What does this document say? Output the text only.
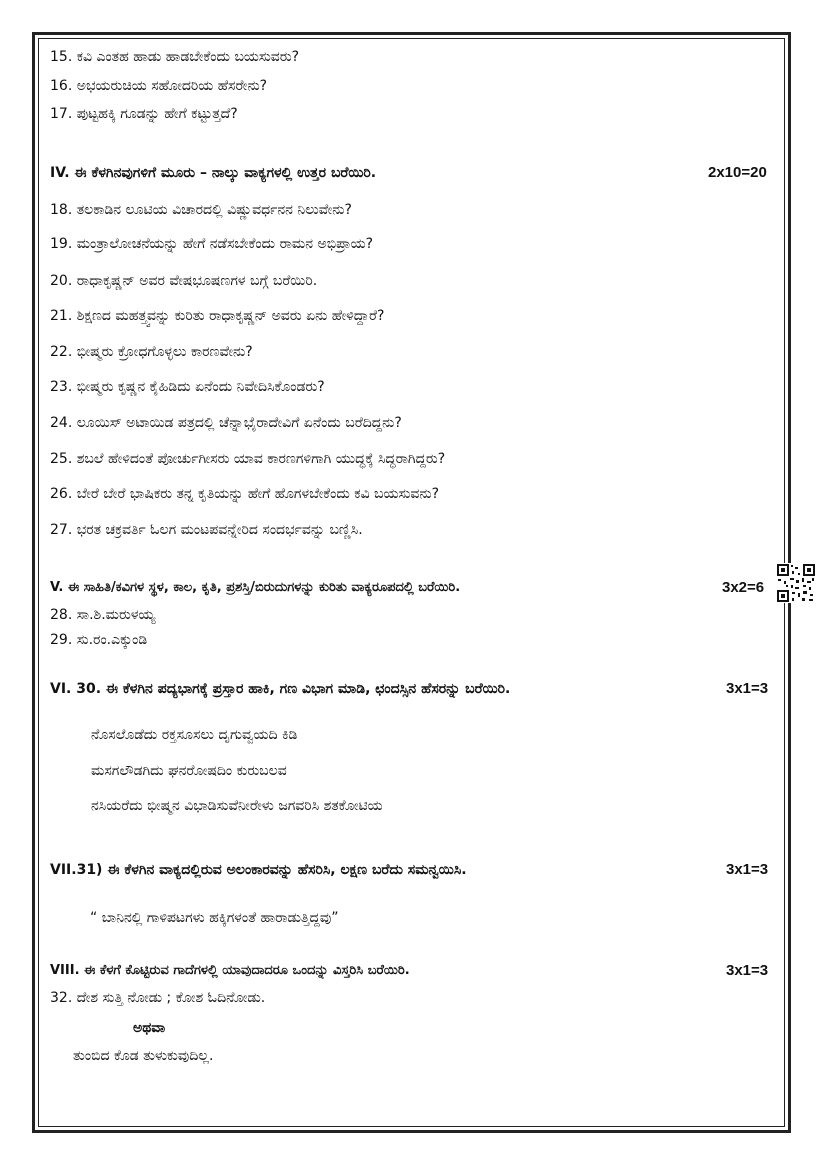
15. ಕವಿ ಎಂತಹ ಹಾಡು ಹಾಡಬೇಕೆಂದು ಬಯಸುವರು?
16. ಅಭಯರುಚಿಯ ಸಹೋದರಿಯ ಹೆಸರೇನು?
17. ಪುಟ್ಟಹಕ್ಕಿ ಗೂಡನ್ನು ಹೇಗೆ ಕಟ್ಟುತ್ತದೆ?
IV. ಈ ಕೆಳಗಿನವುಗಳಿಗೆ ಮೂರು – ನಾಲ್ಕು ವಾಕ್ಯಗಳಲ್ಲಿ ಉತ್ತರ ಬರೆಯಿರಿ.	2x10=20
18. ತಲಕಾಡಿನ ಲೂಟಿಯ ವಿಚಾರದಲ್ಲಿ ವಿಷ್ಣುವರ್ಧನನ ನಿಲುವೇನು?
19. ಮಂತ್ರಾಲೋಚನೆಯನ್ನು ಹೇಗೆ ನಡೆಸಬೇಕೆಂದು ರಾಮನ ಅಭಿಪ್ರಾಯ?
20. ರಾಧಾಕೃಷ್ಣನ್ ಅವರ ವೇಷಭೂಷಣಗಳ ಬಗ್ಗೆ ಬರೆಯಿರಿ.
21. ಶಿಕ್ಷಣದ ಮಹತ್ತ್ವವನ್ನು ಕುರಿತು ರಾಧಾಕೃಷ್ಣನ್ ಅವರು ಏನು ಹೇಳಿದ್ದಾರೆ?
22. ಭೀಷ್ಮರು ಕ್ರೋಧಗೊಳ್ಳಲು ಕಾರಣವೇನು?
23. ಭೀಷ್ಮರು ಕೃಷ್ಣನ ಕೈಹಿಡಿದು ಏನೆಂದು ನಿವೇದಿಸಿಕೊಂಡರು?
24. ಲೂಯಿಸ್ ಅಟಾಯಿಡ ಪತ್ರದಲ್ಲಿ ಚೆನ್ನಾಭೈರಾದೇವಿಗೆ ಏನೆಂದು ಬರೆದಿದ್ದನು?
25. ಶಬಲೆ ಹೇಳಿದಂತೆ ಪೋರ್ಚುಗೀಸರು ಯಾವ ಕಾರಣಗಳಿಗಾಗಿ ಯುದ್ಧಕ್ಕೆ ಸಿದ್ಧರಾಗಿದ್ದರು?
26. ಬೇರೆ ಬೇರೆ ಭಾಷಿಕರು ತನ್ನ ಕೃತಿಯನ್ನು ಹೇಗೆ ಹೊಗಳಬೇಕೆಂದು ಕವಿ ಬಯಸುವನು?
27. ಭರತ ಚಕ್ರವರ್ತಿ ಓಲಗ ಮಂಟಪವನ್ನೇರಿದ ಸಂದರ್ಭವನ್ನು ಬಣ್ಣಿಸಿ.
V. ಈ ಸಾಹಿತಿ/ಕವಿಗಳ ಸ್ಥಳ, ಕಾಲ, ಕೃತಿ, ಪ್ರಶಸ್ತಿ/ಬಿರುದುಗಳನ್ನು ಕುರಿತು ವಾಕ್ಯರೂಪದಲ್ಲಿ ಬರೆಯಿರಿ.	3x2=6
28. ಸಾ.ಶಿ.ಮರುಳಯ್ಯ
29. ಸು.ರಂ.ಎಕ್ಕುಂಡಿ
VI. 30. ಈ ಕೆಳಗಿನ ಪದ್ಯಭಾಗಕ್ಕೆ ಪ್ರಸ್ತಾರ ಹಾಕಿ, ಗಣ ವಿಭಾಗ ಮಾಡಿ, ಛಂದಸ್ಸಿನ ಹೆಸರನ್ನು ಬರೆಯಿರಿ.	3x1=3
ನೊಸಲೊಡೆದು ರಕ್ತಸೂಸಲು ದೃಗುವ್ವಯದಿ ಕಿಡಿ
ಮಸಗಲೌಡಗಿದು ಘನರೋಷದಿಂ ಕುರುಬಲವ
ನಸಿಯರೆದು ಭೀಷ್ಮನ ವಿಭಾಡಿಸುವೆನೀರೇಳು ಜಗವರಿಸಿ ಶತಕೋಟಿಯ
VII.31) ಈ ಕೆಳಗಿನ ವಾಕ್ಯದಲ್ಲಿರುವ ಅಲಂಕಾರವನ್ನು ಹೆಸರಿಸಿ, ಲಕ್ಷಣ ಬರೆದು ಸಮನ್ವಯಿಸಿ.	3x1=3
“ ಬಾನಿನಲ್ಲಿ ಗಾಳಿಪಟಗಳು ಹಕ್ಕಿಗಳಂತೆ ಹಾರಾಡುತ್ತಿದ್ದವು”
VIII. ಈ ಕೆಳಗೆ ಕೊಟ್ಟಿರುವ ಗಾದೆಗಳಲ್ಲಿ ಯಾವುದಾದರೂ ಒಂದನ್ನು ವಿಸ್ತರಿಸಿ ಬರೆಯಿರಿ.	3x1=3
32. ದೇಶ ಸುತ್ತಿ ನೋಡು ; ಕೋಶ ಓದಿನೋಡು.
ಅಥವಾ
ತುಂಬಿದ ಕೊಡ ತುಳುಕುವುದಿಲ್ಲ.
